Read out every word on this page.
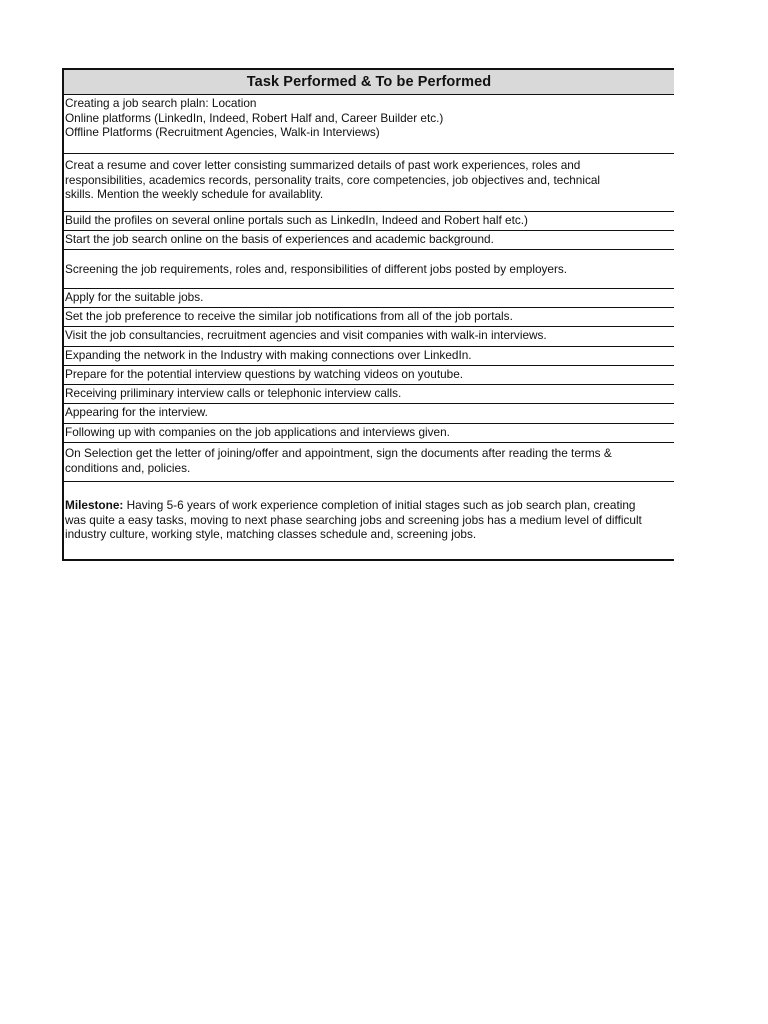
Task Performed & To be Performed
Creating a job search plaln: Location
Online platforms (LinkedIn, Indeed, Robert Half and, Career Builder etc.)
Offline Platforms (Recruitment Agencies, Walk-in Interviews)
Creat a resume and cover letter consisting summarized details of past work experiences, roles and
responsibilities, academics records, personality traits, core competencies, job objectives and, technical
skills. Mention the weekly schedule for availablity.
Build the profiles on several online portals such as LinkedIn, Indeed and Robert half etc.)
Start the job search online on the basis of experiences and academic background.
Screening the job requirements, roles and, responsibilities of different jobs posted by employers.
Apply for the suitable jobs.
Set the job preference to receive the similar job notifications from all of the job portals.
Visit the job consultancies, recruitment agencies and visit companies with walk-in interviews.
Expanding the network in the Industry with making connections over LinkedIn.
Prepare for the potential interview questions by watching videos on youtube.
Receiving priliminary interview calls or telephonic interview calls.
Appearing for the interview.
Following up with companies on the job applications and interviews given.
On Selection get the letter of joining/offer and appointment, sign the documents after reading the terms &
conditions and, policies.
Milestone: Having 5-6 years of work experience completion of initial stages such as job search plan, creating
was quite a easy tasks, moving to next phase searching jobs and screening jobs has a medium level of difficult
industry culture, working style, matching classes schedule and, screening jobs.
